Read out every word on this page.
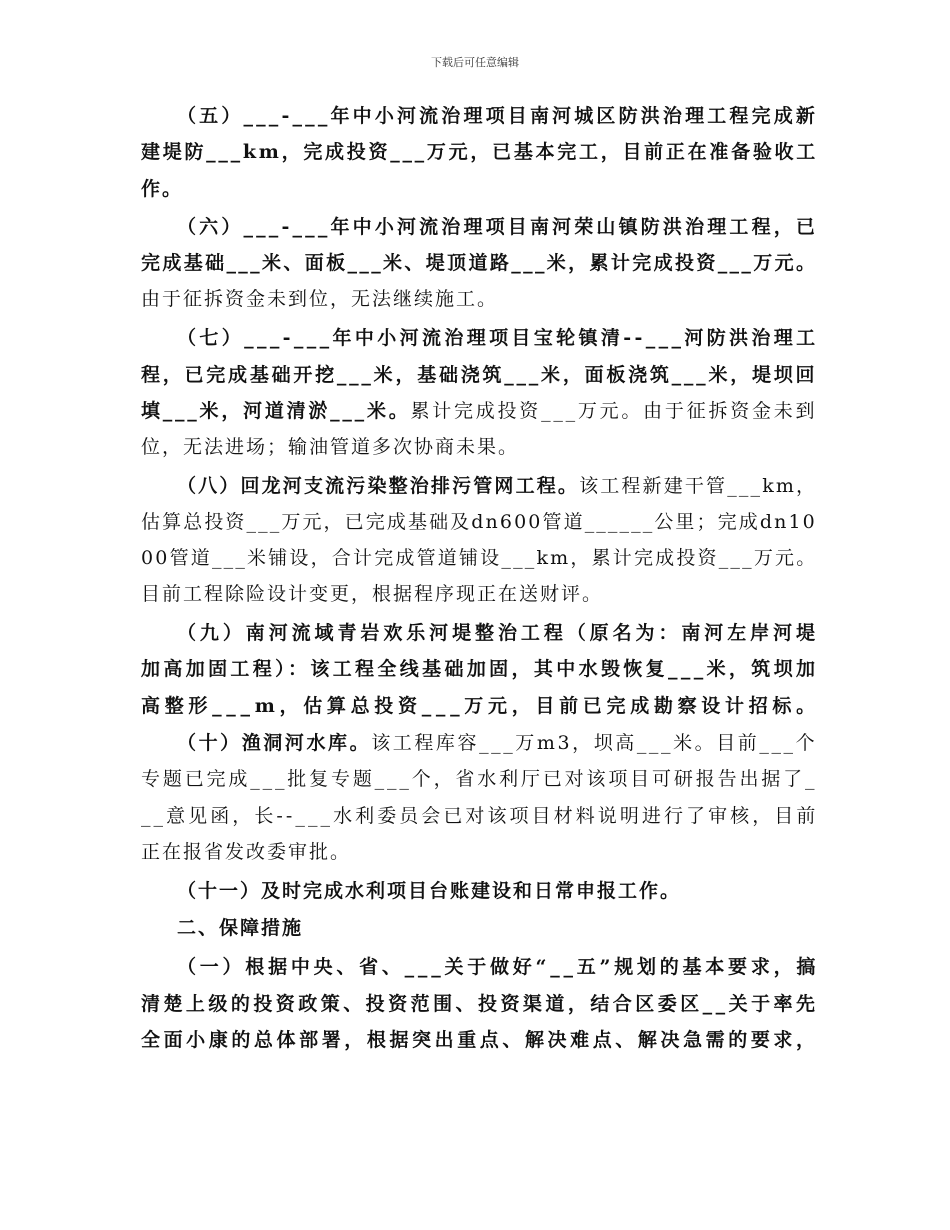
下载后可任意编辑
（五）___-___年中小河流治理项目南河城区防洪治理工程完成新
建堤防___km，完成投资___万元，已基本完工，目前正在准备验收工
作。
（六）___-___年中小河流治理项目南河荣山镇防洪治理工程，已
完成基础___米、面板___米、堤顶道路___米，累计完成投资___万元。
由于征拆资金未到位，无法继续施工。
（七）___-___年中小河流治理项目宝轮镇清--___河防洪治理工
程，已完成基础开挖___米，基础浇筑___米，面板浇筑___米，堤坝回
填___米，河道清淤___米。累计完成投资___万元。由于征拆资金未到
位，无法进场；输油管道多次协商未果。
（八）回龙河支流污染整治排污管网工程。该工程新建干管___km，
估算总投资___万元，已完成基础及dn600管道______公里；完成dn10
00管道___米铺设，合计完成管道铺设___km，累计完成投资___万元。
目前工程除险设计变更，根据程序现正在送财评。
（九）南河流域青岩欢乐河堤整治工程（原名为：南河左岸河堤
加高加固工程）：该工程全线基础加固，其中水毁恢复___米，筑坝加
高整形___m，估算总投资___万元，目前已完成勘察设计招标。
（十）渔洞河水库。该工程库容___万m3，坝高___米。目前___个
专题已完成___批复专题___个，省水利厅已对该项目可研报告出据了_
__意见函，长--___水利委员会已对该项目材料说明进行了审核，目前
正在报省发改委审批。
（十一）及时完成水利项目台账建设和日常申报工作。
二、保障措施
（一）根据中央、省、___关于做好“__五”规划的基本要求，搞
清楚上级的投资政策、投资范围、投资渠道，结合区委区__关于率先
全面小康的总体部署，根据突出重点、解决难点、解决急需的要求，
